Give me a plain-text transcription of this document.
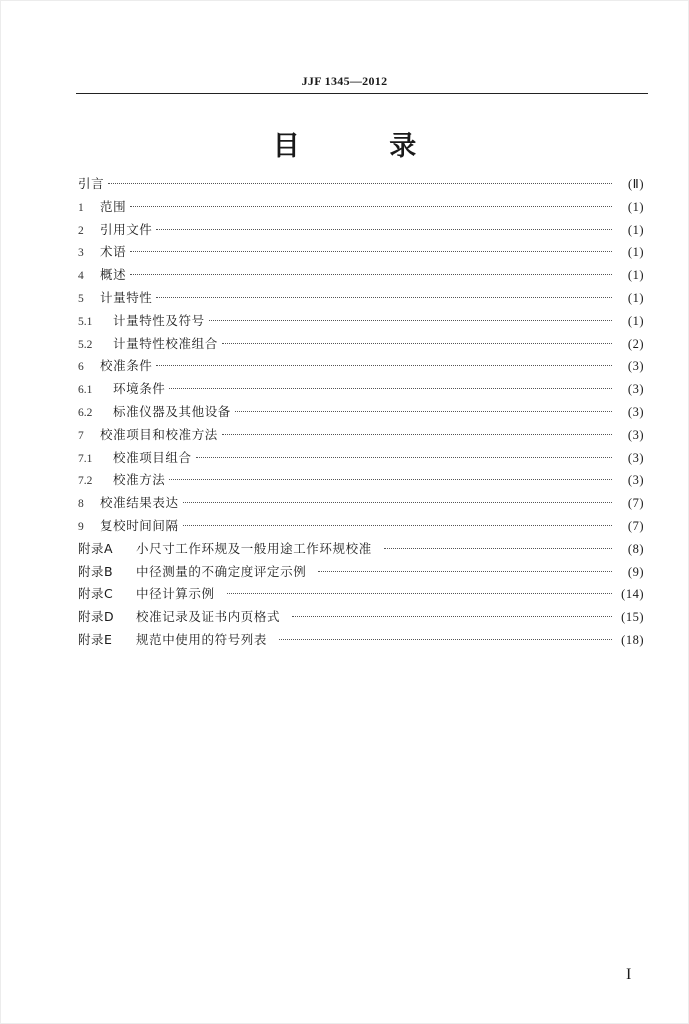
JJF 1345—2012
目 录
引言	(Ⅱ)
1	范围	(1)
2	引用文件	(1)
3	术语	(1)
4	概述	(1)
5	计量特性	(1)
5.1	计量特性及符号	(1)
5.2	计量特性校准组合	(2)
6	校准条件	(3)
6.1	环境条件	(3)
6.2	标准仪器及其他设备	(3)
7	校准项目和校准方法	(3)
7.1	校准项目组合	(3)
7.2	校准方法	(3)
8	校准结果表达	(7)
9	复校时间间隔	(7)
附录A	小尺寸工作环规及一般用途工作环规校准	(8)
附录B	中径测量的不确定度评定示例	(9)
附录C	中径计算示例	(14)
附录D	校准记录及证书内页格式	(15)
附录E	规范中使用的符号列表	(18)
I
